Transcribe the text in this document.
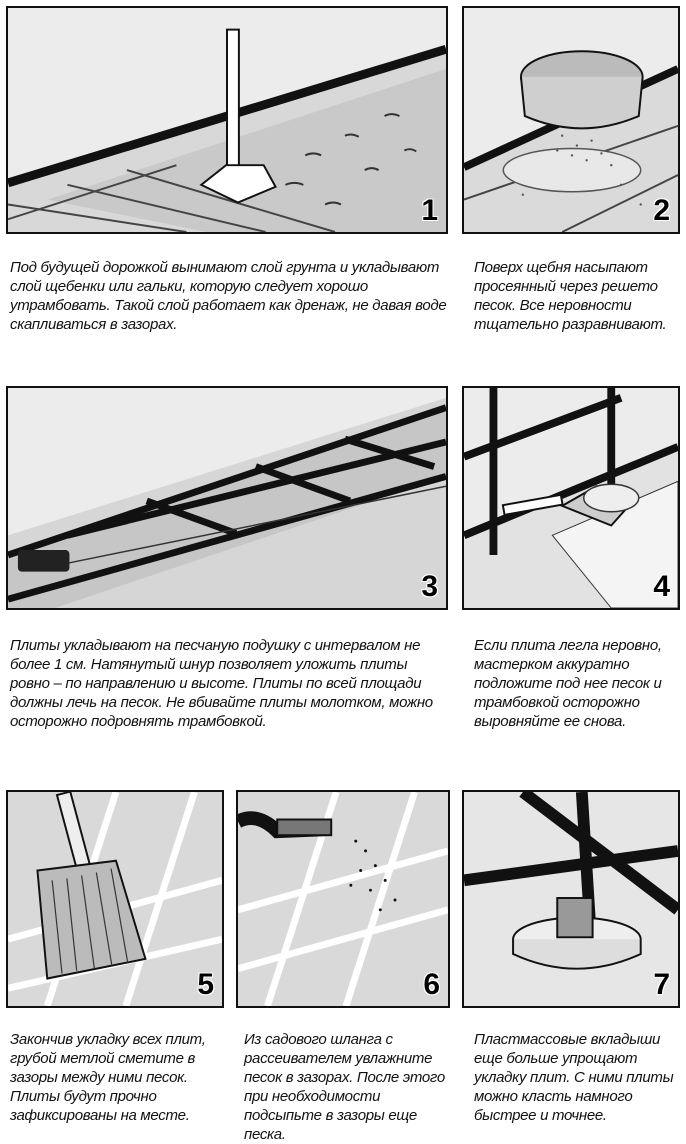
1	2
Под будущей дорожкой вынимают слой грунта и укладывают слой щебенки или гальки, которую следует хорошо утрамбовать. Такой слой работает как дренаж, не давая воде скапливаться в зазорах.
Поверх щебня насыпают просеянный через решето песок. Все неровности тщательно разравнивают.
3	4
Плиты укладывают на песчаную подушку с интервалом не более 1 см. Натянутый шнур позволяет уложить плиты ровно – по направлению и высоте. Плиты по всей площади должны лечь на песок. Не вбивайте плиты молотком, можно осторожно подровнять трамбовкой.
Если плита легла неровно, мастерком аккуратно подложите под нее песок и трамбовкой осторожно выровняйте ее снова.
5	6	7
Закончив укладку всех плит, грубой метлой сметите в зазоры между ними песок. Плиты будут прочно зафиксированы на месте.
Из садового шланга с рассеивателем увлажните песок в зазорах. После этого при необходимости подсыпьте в зазоры еще песка.
Пластмассовые вкладыши еще больше упрощают укладку плит. С ними плиты можно класть намного быстрее и точнее.
